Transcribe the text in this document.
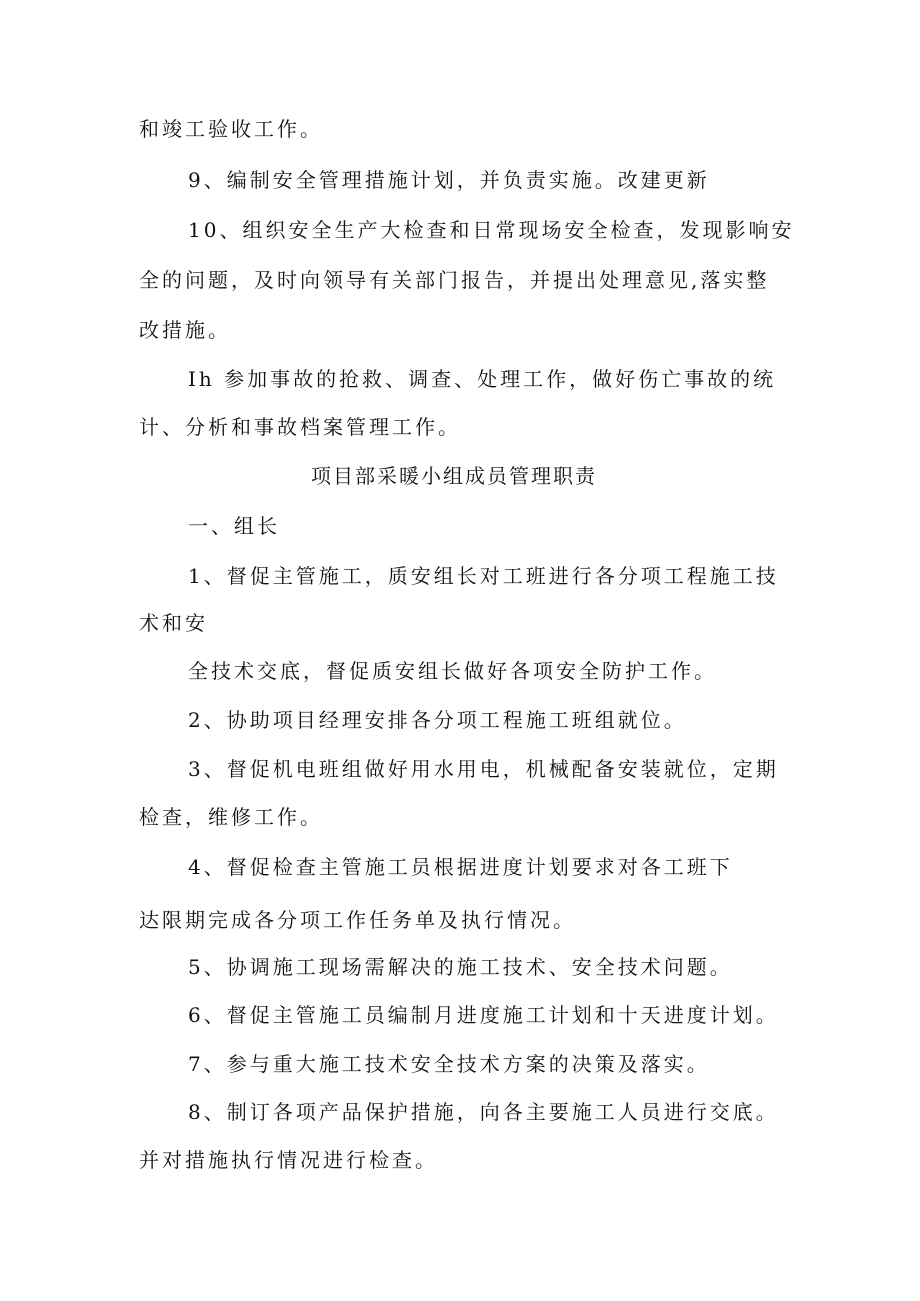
和竣工验收工作。
9、编制安全管理措施计划，并负责实施。改建更新
10、组织安全生产大检查和日常现场安全检查，发现影响安
全的问题，及时向领导有关部门报告，并提出处理意见,落实整
改措施。
Ih 参加事故的抢救、调查、处理工作，做好伤亡事故的统
计、分析和事故档案管理工作。
项目部采暖小组成员管理职责
一、组长
1、督促主管施工，质安组长对工班进行各分项工程施工技
术和安
全技术交底，督促质安组长做好各项安全防护工作。
2、协助项目经理安排各分项工程施工班组就位。
3、督促机电班组做好用水用电，机械配备安装就位，定期
检查，维修工作。
4、督促检查主管施工员根据进度计划要求对各工班下
达限期完成各分项工作任务单及执行情况。
5、协调施工现场需解决的施工技术、安全技术问题。
6、督促主管施工员编制月进度施工计划和十天进度计划。
7、参与重大施工技术安全技术方案的决策及落实。
8、制订各项产品保护措施，向各主要施工人员进行交底。
并对措施执行情况进行检查。
